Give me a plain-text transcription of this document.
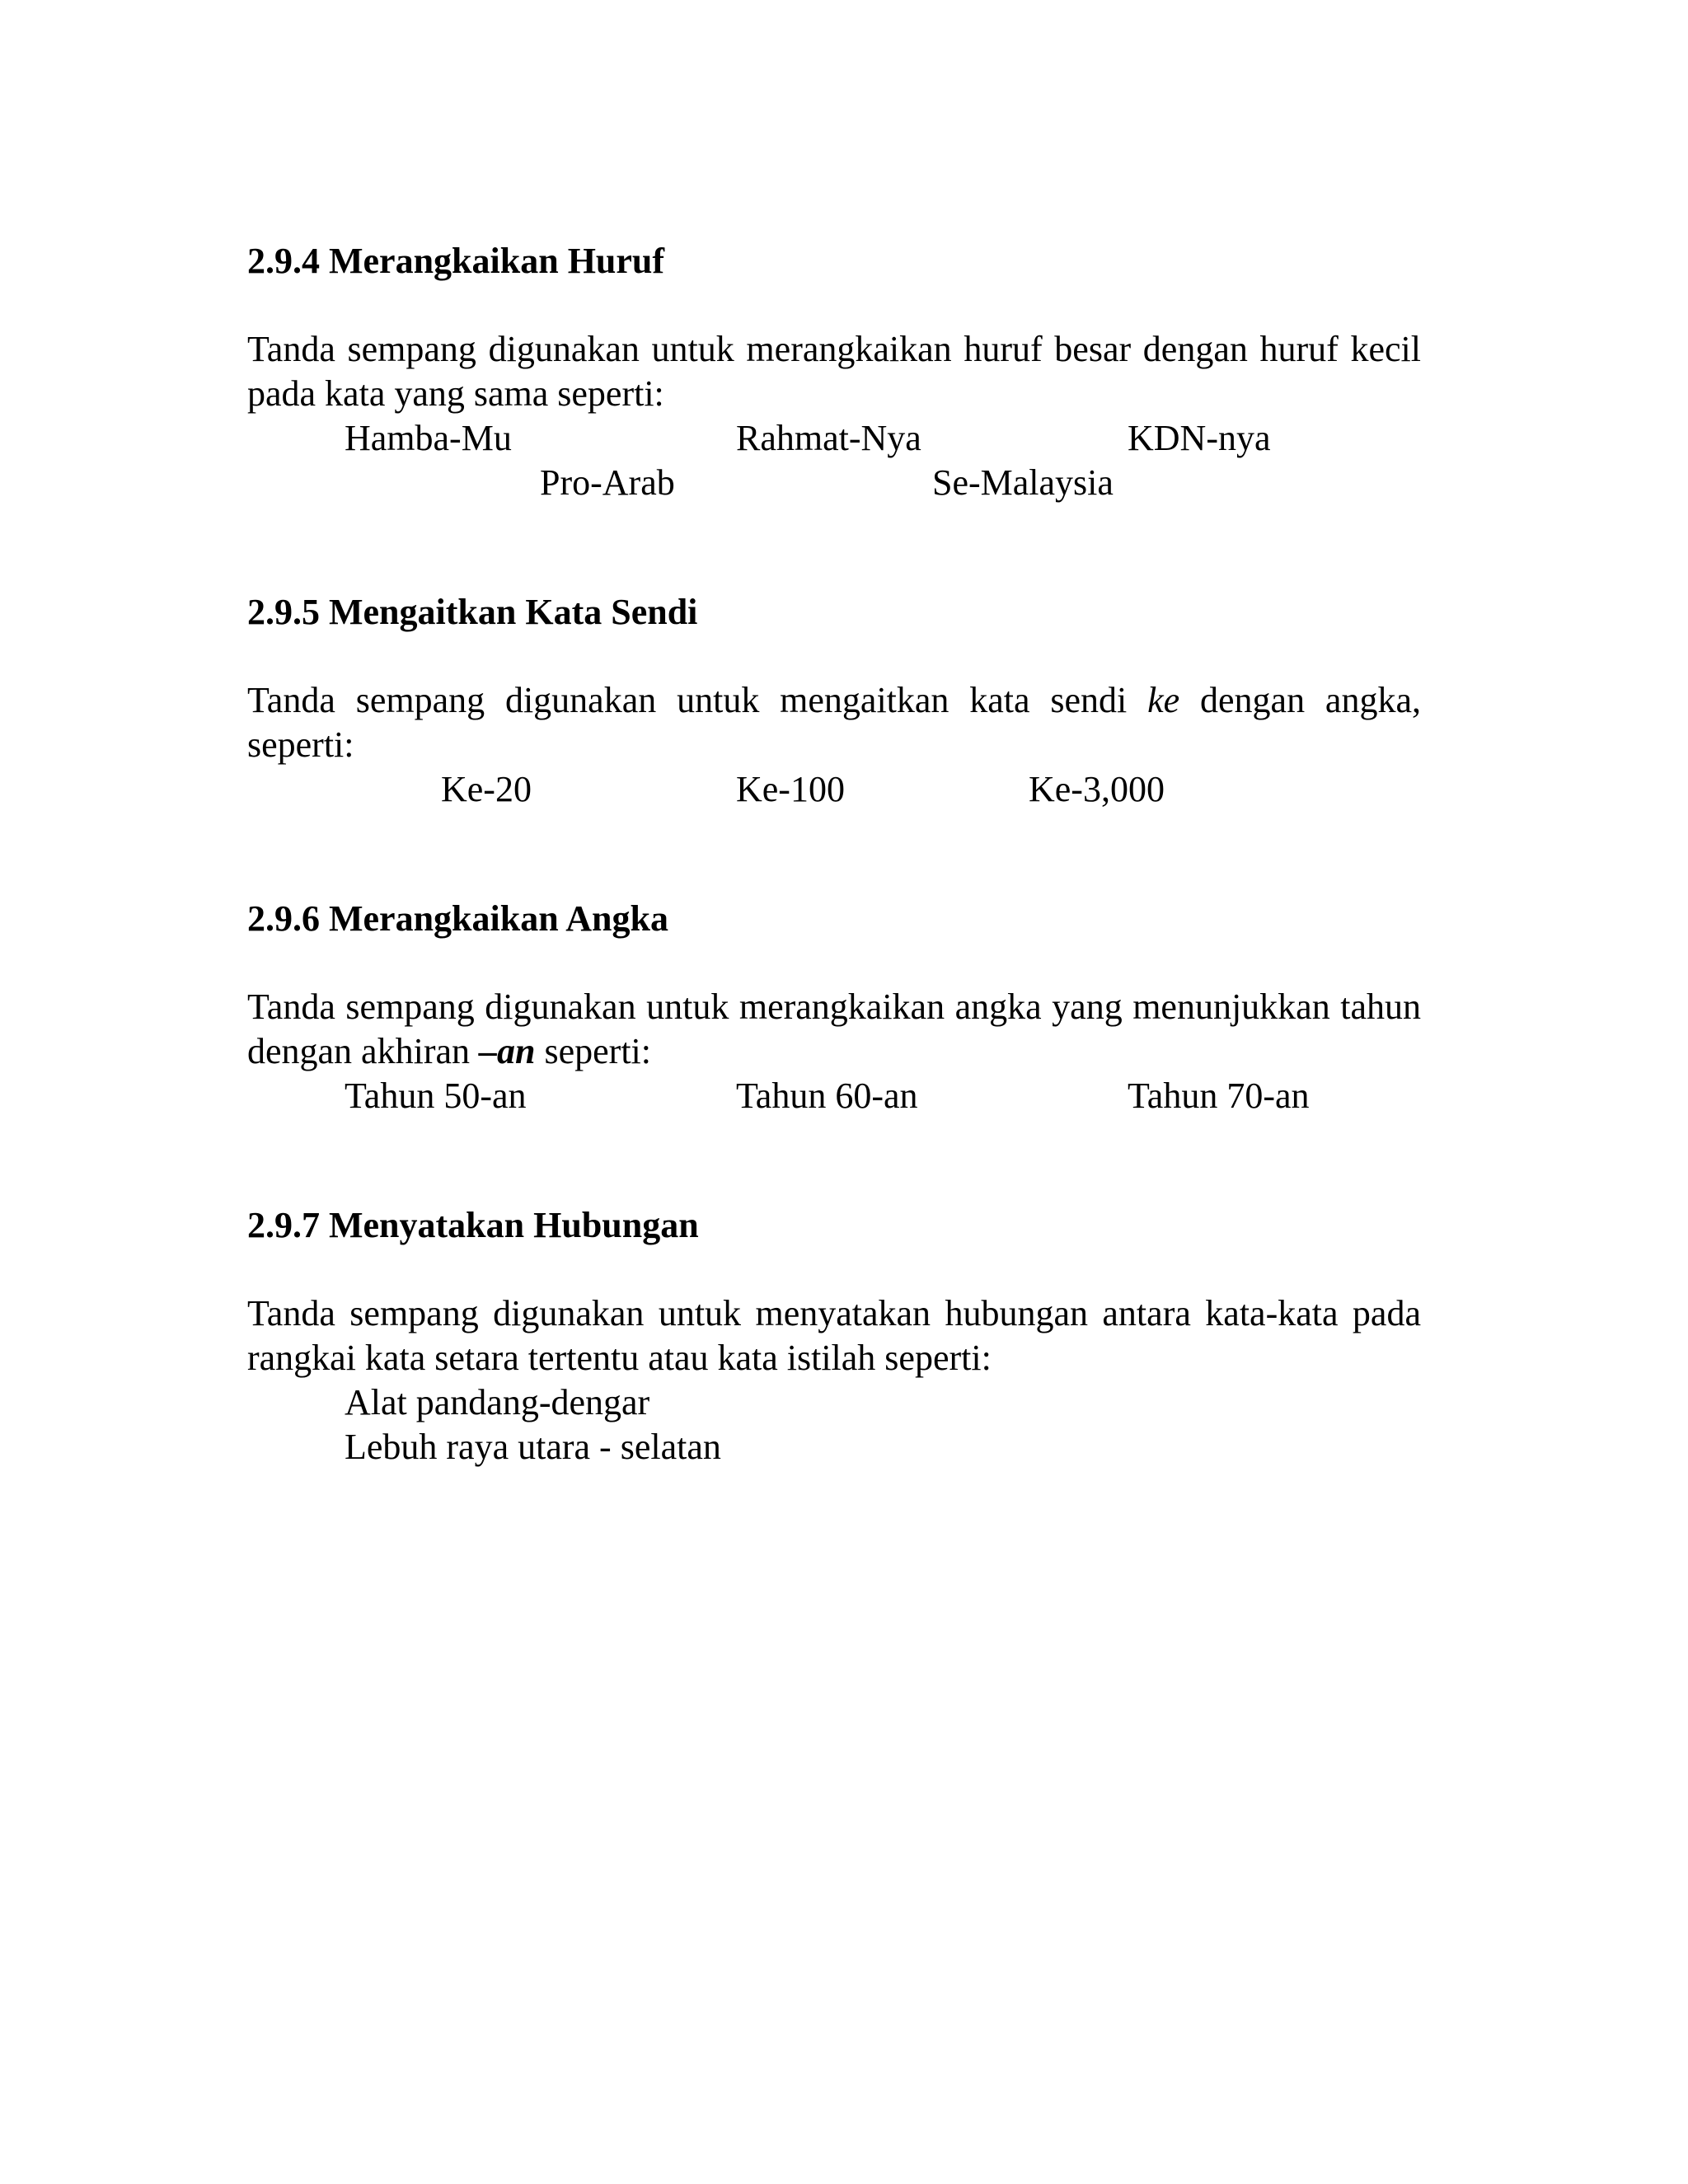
2.9.4 Merangkaikan Huruf
Tanda sempang digunakan untuk merangkaikan huruf besar dengan huruf kecil pada kata yang sama seperti:
Hamba-Mu	Rahmat-Nya	KDN-nya
Pro-Arab	Se-Malaysia
2.9.5 Mengaitkan Kata Sendi
Tanda sempang digunakan untuk mengaitkan kata sendi ke dengan angka, seperti:
Ke-20	Ke-100	Ke-3,000
2.9.6 Merangkaikan Angka
Tanda sempang digunakan untuk merangkaikan angka yang menunjukkan tahun dengan akhiran –an seperti:
Tahun 50-an	Tahun 60-an	Tahun 70-an
2.9.7 Menyatakan Hubungan
Tanda sempang digunakan untuk menyatakan hubungan antara kata-kata pada rangkai kata setara tertentu atau kata istilah seperti:
Alat pandang-dengar
Lebuh raya utara - selatan
